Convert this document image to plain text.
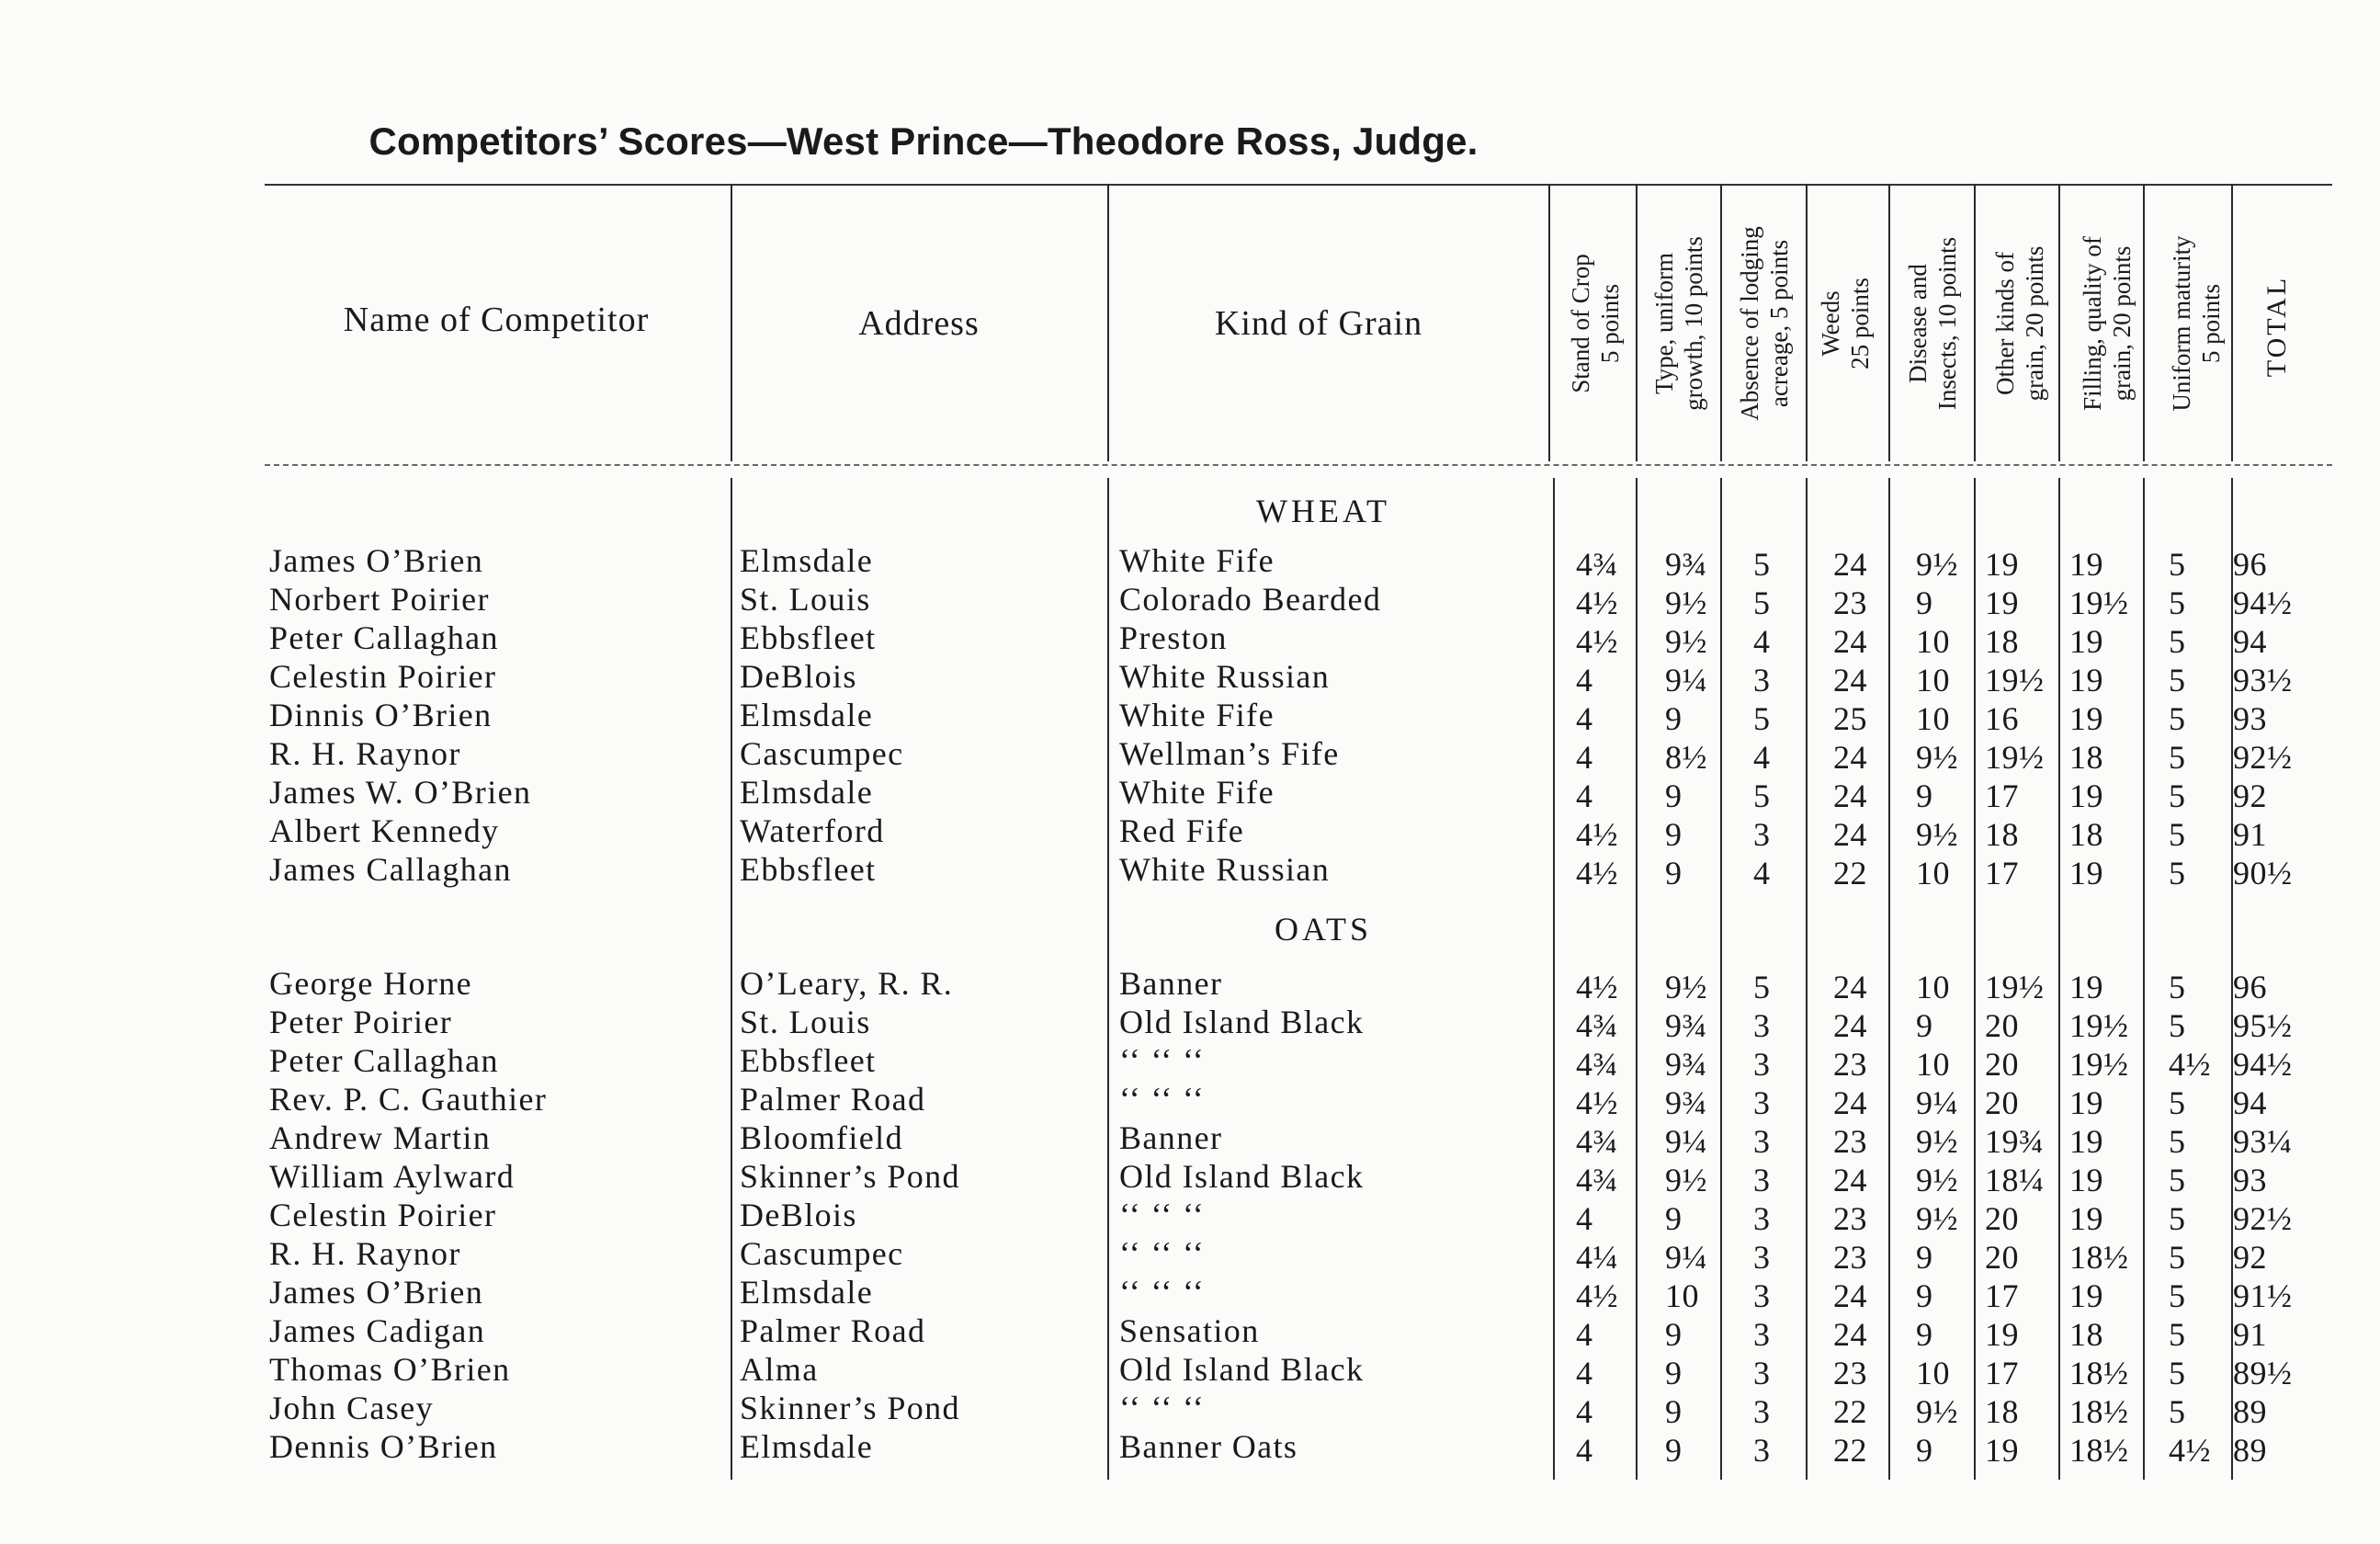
Competitors’ Scores—West Prince—Theodore Ross, Judge.
Name of Competitor	Address	Kind of Grain	Stand of Crop 5 points Type, uniform growth, 10 points Absence of lodging acreage, 5 points Weeds 25 points Disease and Insects, 10 points Other kinds of grain, 20 points Filling, quality of grain, 20 points Uniform maturity 5 points TOTAL
WHEAT
James O’Brien	Elmsdale	White Fife	4¾ 9¾ 5 24 9½ 19 19 5 96
Norbert Poirier	St. Louis	Colorado Bearded	4½ 9½ 5 23 9 19 19½ 5 94½
Peter Callaghan	Ebbsfleet	Preston	4½ 9½ 4 24 10 18 19 5 94
Celestin Poirier	DeBlois	White Russian	4 9¼ 3 24 10 19½ 19 5 93½
Dinnis O’Brien	Elmsdale	White Fife	4 9 5 25 10 16 19 5 93
R. H. Raynor	Cascumpec	Wellman’s Fife	4 8½ 4 24 9½ 19½ 18 5 92½
James W. O’Brien	Elmsdale	White Fife	4 9 5 24 9 17 19 5 92
Albert Kennedy	Waterford	Red Fife	4½ 9 3 24 9½ 18 18 5 91
James Callaghan	Ebbsfleet	White Russian	4½ 9 4 22 10 17 19 5 90½
OATS
George Horne	O’Leary, R. R.	Banner	4½ 9½ 5 24 10 19½ 19 5 96
Peter Poirier	St. Louis	Old Island Black	4¾ 9¾ 3 24 9 20 19½ 5 95½
Peter Callaghan	Ebbsfleet	‘‘ ‘‘ ‘‘	4¾ 9¾ 3 23 10 20 19½ 4½ 94½
Rev. P. C. Gauthier	Palmer Road	‘‘ ‘‘ ‘‘	4½ 9¾ 3 24 9¼ 20 19 5 94
Andrew Martin	Bloomfield	Banner	4¾ 9¼ 3 23 9½ 19¾ 19 5 93¼
William Aylward	Skinner’s Pond	Old Island Black	4¾ 9½ 3 24 9½ 18¼ 19 5 93
Celestin Poirier	DeBlois	‘‘ ‘‘ ‘‘	4 9 3 23 9½ 20 19 5 92½
R. H. Raynor	Cascumpec	‘‘ ‘‘ ‘‘	4¼ 9¼ 3 23 9 20 18½ 5 92
James O’Brien	Elmsdale	‘‘ ‘‘ ‘‘	4½ 10 3 24 9 17 19 5 91½
James Cadigan	Palmer Road	Sensation	4 9 3 24 9 19 18 5 91
Thomas O’Brien	Alma	Old Island Black	4 9 3 23 10 17 18½ 5 89½
John Casey	Skinner’s Pond	‘‘ ‘‘ ‘‘	4 9 3 22 9½ 18 18½ 5 89
Dennis O’Brien	Elmsdale	Banner Oats	4 9 3 22 9 19 18½ 4½ 89
